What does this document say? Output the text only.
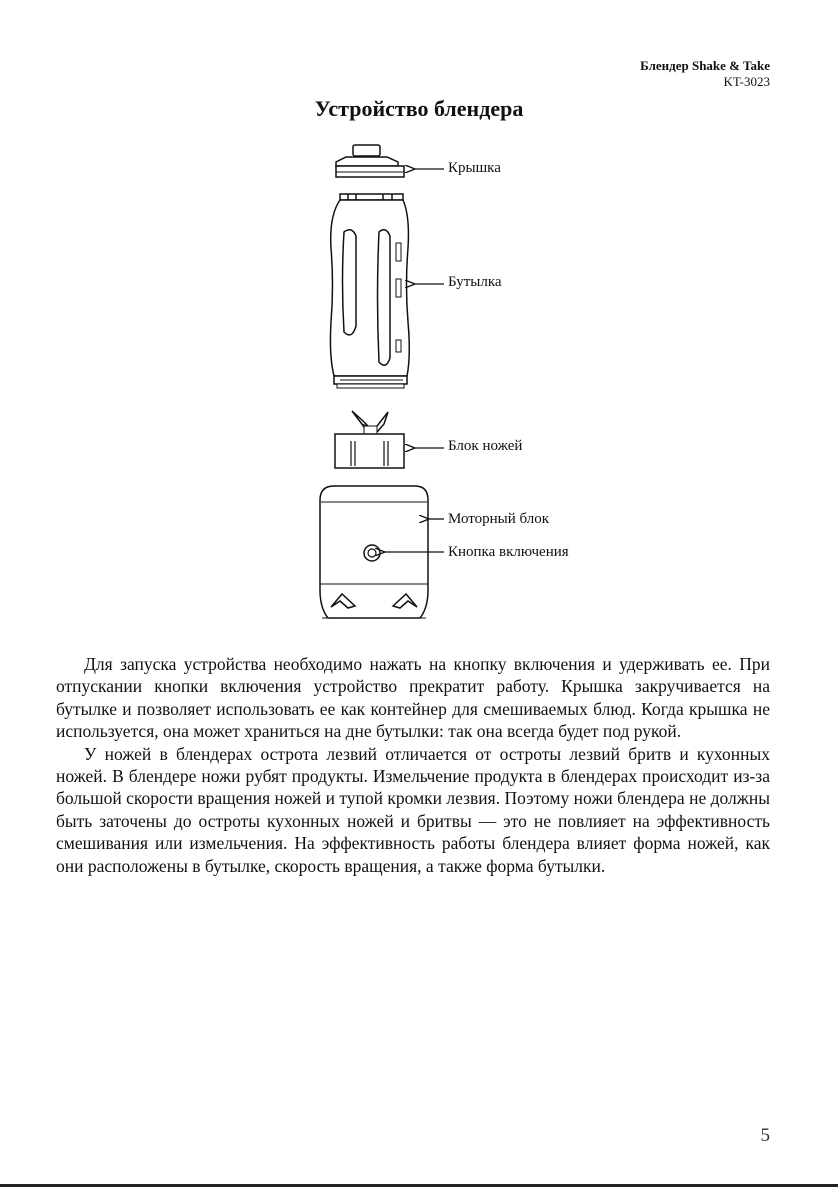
Блендер Shake & Take
KT-3023
Устройство блендера
Крышка
Бутылка
Блок ножей
Моторный блок
Кнопка включения

Для запуска устройства необходимо нажать на кнопку включения и удерживать ее. При отпускании кнопки включения устройство прекратит работу. Крышка закручивается на бутылке и позволяет использовать ее как контейнер для смешиваемых блюд. Когда крышка не используется, она может храниться на дне бутылки: так она всегда будет под рукой.

У ножей в блендерах острота лезвий отличается от остроты лезвий бритв и кухонных ножей. В блендере ножи рубят продукты. Измельчение продукта в блендерах происходит из-за большой скорости вращения ножей и тупой кромки лезвия. Поэтому ножи блендера не должны быть заточены до остроты кухонных ножей и бритвы — это не повлияет на эффективность смешивания или измельчения. На эффективность работы блендера влияет форма ножей, как они расположены в бутылке, скорость вращения, а также форма бутылки.

5
